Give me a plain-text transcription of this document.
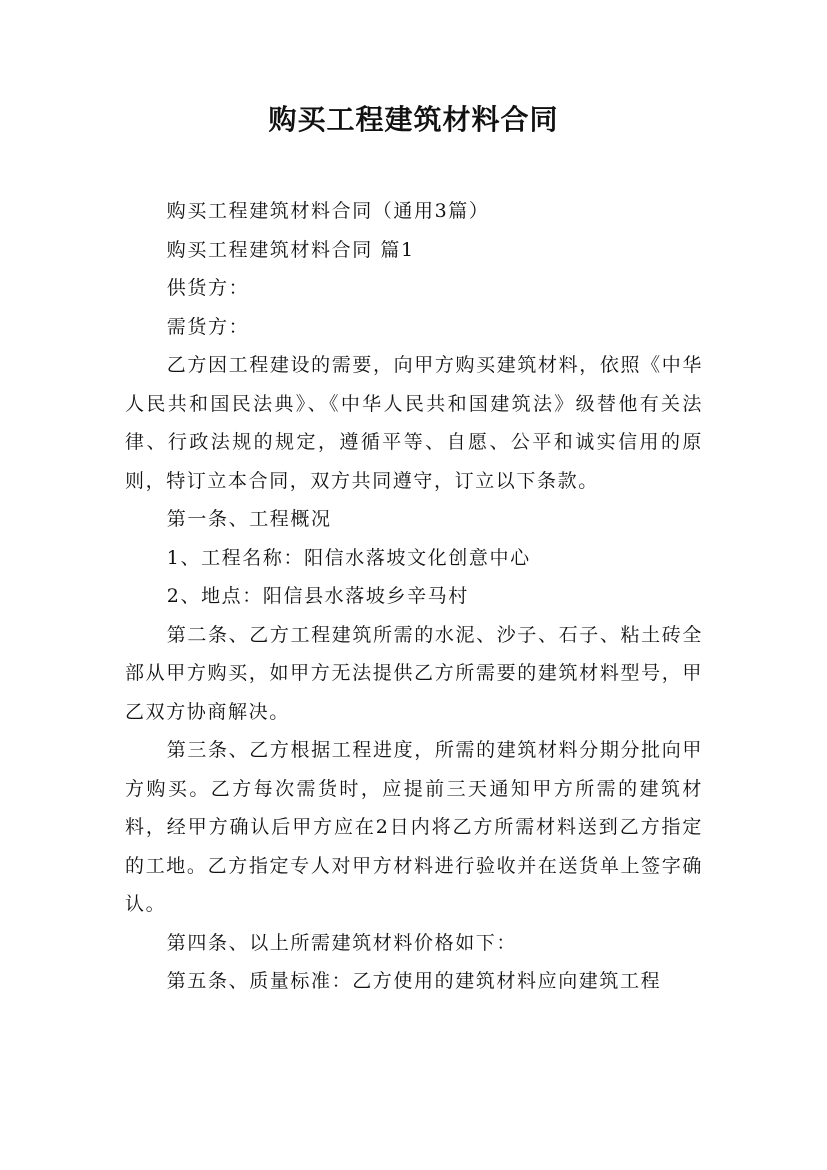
购买工程建筑材料合同

购买工程建筑材料合同（通用3篇）

购买工程建筑材料合同 篇1

供货方：

需货方：

乙方因工程建设的需要，向甲方购买建筑材料，依照《中华人民共和国民法典》、《中华人民共和国建筑法》级替他有关法律、行政法规的规定，遵循平等、自愿、公平和诚实信用的原则，特订立本合同，双方共同遵守，订立以下条款。

第一条、工程概况

1、工程名称：阳信水落坡文化创意中心

2、地点：阳信县水落坡乡辛马村

第二条、乙方工程建筑所需的水泥、沙子、石子、粘土砖全部从甲方购买，如甲方无法提供乙方所需要的建筑材料型号，甲乙双方协商解决。

第三条、乙方根据工程进度，所需的建筑材料分期分批向甲方购买。乙方每次需货时，应提前三天通知甲方所需的建筑材料，经甲方确认后甲方应在2日内将乙方所需材料送到乙方指定的工地。乙方指定专人对甲方材料进行验收并在送货单上签字确认。

第四条、以上所需建筑材料价格如下：

第五条、质量标准：乙方使用的建筑材料应向建筑工程
